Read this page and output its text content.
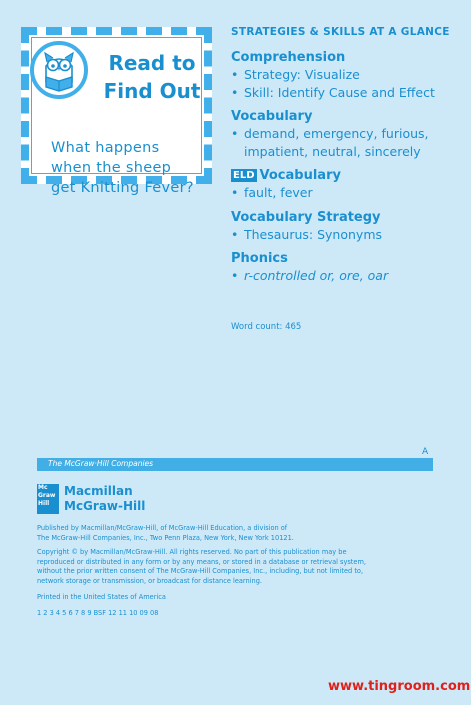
Read to
Find Out
What happens
when the sheep
get Knitting Fever?
STRATEGIES & SKILLS AT A GLANCE
Comprehension
• Strategy: Visualize
• Skill: Identify Cause and Effect
Vocabulary
• demand, emergency, furious,
impatient, neutral, sincerely
ELD Vocabulary
• fault, fever
Vocabulary Strategy
• Thesaurus: Synonyms
Phonics
• r-controlled or, ore, oar
Word count: 465
A
The McGraw·Hill Companies
Mc
Graw
Hill
Macmillan
McGraw-Hill
Published by Macmillan/McGraw-Hill, of McGraw-Hill Education, a division of
The McGraw-Hill Companies, Inc., Two Penn Plaza, New York, New York 10121.
Copyright © by Macmillan/McGraw-Hill. All rights reserved. No part of this publication may be
reproduced or distributed in any form or by any means, or stored in a database or retrieval system,
without the prior written consent of The McGraw-Hill Companies, Inc., including, but not limited to,
network storage or transmission, or broadcast for distance learning.
Printed in the United States of America
1 2 3 4 5 6 7 8 9 BSF 12 11 10 09 08
www.tingroom.com
